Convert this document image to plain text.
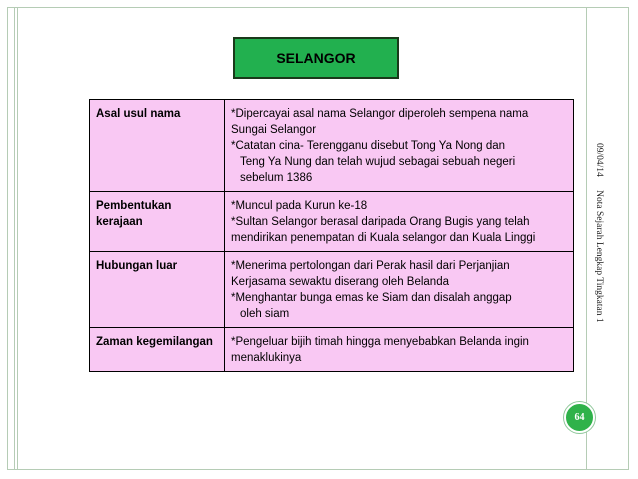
SELANGOR
Asal usul nama	*Dipercayai asal nama Selangor diperoleh sempena nama
Sungai Selangor
*Catatan cina- Terengganu disebut Tong Ya Nong dan
Teng Ya Nung dan telah wujud sebagai sebuah negeri
sebelum 1386

Pembentukan kerajaan	*Muncul pada Kurun ke-18
*Sultan Selangor berasal daripada Orang Bugis yang telah
mendirikan penempatan di Kuala selangor dan Kuala Linggi

Hubungan luar	*Menerima pertolongan dari Perak hasil dari Perjanjian
Kerjasama sewaktu diserang oleh Belanda
*Menghantar bunga emas ke Siam dan disalah anggap
oleh siam

Zaman kegemilangan	*Pengeluar bijih timah hingga menyebabkan Belanda ingin
menaklukinya
09/04/14 Nota Sejarah Lengkap Tingkatan 1
64
